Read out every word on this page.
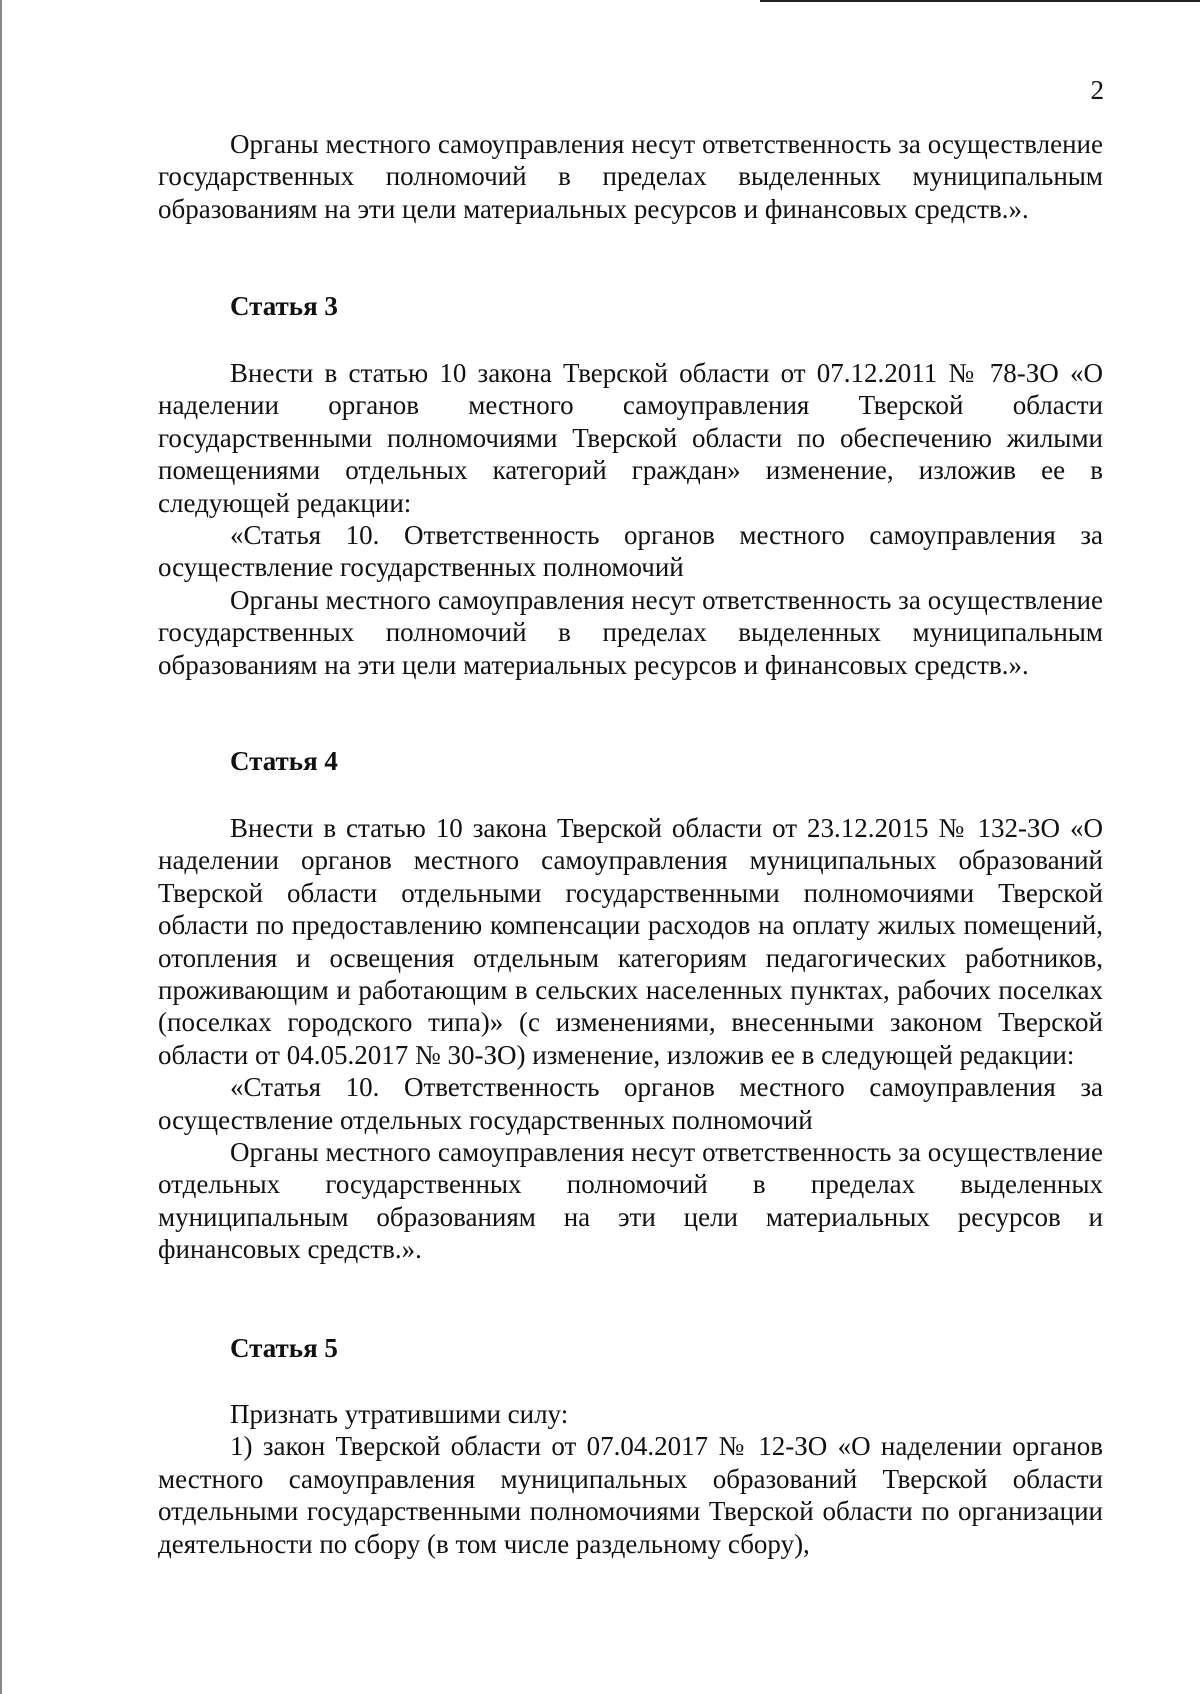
2

Органы местного самоуправления несут ответственность за осуществление государственных полномочий в пределах выделенных муниципальным образованиям на эти цели материальных ресурсов и финансовых средств.».

Статья 3

Внести в статью 10 закона Тверской области от 07.12.2011 № 78-ЗО «О наделении органов местного самоуправления Тверской области государственными полномочиями Тверской области по обеспечению жилыми помещениями отдельных категорий граждан» изменение, изложив ее в следующей редакции:

«Статья 10. Ответственность органов местного самоуправления за осуществление государственных полномочий

Органы местного самоуправления несут ответственность за осуществление государственных полномочий в пределах выделенных муниципальным образованиям на эти цели материальных ресурсов и финансовых средств.».

Статья 4

Внести в статью 10 закона Тверской области от 23.12.2015 № 132-ЗО «О наделении органов местного самоуправления муниципальных образований Тверской области отдельными государственными полномочиями Тверской области по предоставлению компенсации расходов на оплату жилых помещений, отопления и освещения отдельным категориям педагогических работников, проживающим и работающим в сельских населенных пунктах, рабочих поселках (поселках городского типа)» (с изменениями, внесенными законом Тверской области от 04.05.2017 № 30-ЗО) изменение, изложив ее в следующей редакции:

«Статья 10. Ответственность органов местного самоуправления за осуществление отдельных государственных полномочий

Органы местного самоуправления несут ответственность за осуществление отдельных государственных полномочий в пределах выделенных муниципальным образованиям на эти цели материальных ресурсов и финансовых средств.».

Статья 5

Признать утратившими силу:

1) закон Тверской области от 07.04.2017 № 12-ЗО «О наделении органов местного самоуправления муниципальных образований Тверской области отдельными государственными полномочиями Тверской области по организации деятельности по сбору (в том числе раздельному сбору),
